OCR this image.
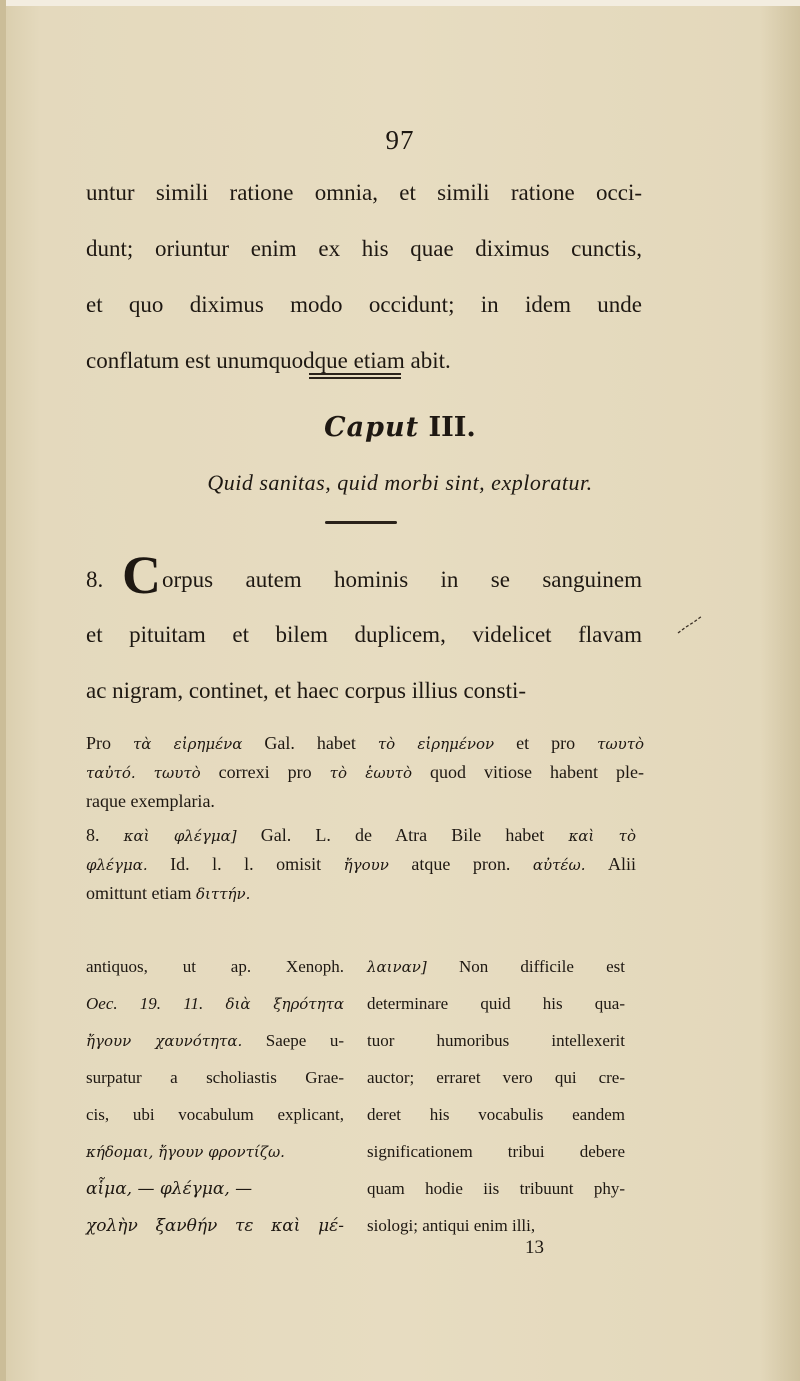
97
untur simili ratione omnia, et simili ratione occi-
dunt; oriuntur enim ex his quae diximus cunctis,
et quo diximus modo occidunt; in idem unde
conflatum est unumquodque etiam abit.
Caput III.
Quid sanitas, quid morbi sint, exploratur.
8. C orpus autem hominis in se sanguinem
et pituitam et bilem duplicem, videlicet flavam
ac nigram, continet, et haec corpus illius consti-
Pro τὰ εἰρημένα Gal. habet τὸ εἰρημένον et pro τωυτὸ
ταὐτό. τωυτὸ correxi pro τὸ ἑωυτὸ quod vitiose habent ple-
raque exemplaria.
8. καὶ φλέγμα] Gal. L. de Atra Bile habet καὶ τὸ
φλέγμα. Id. l. l. omisit ἤγουν atque pron. αὐτέω. Alii
omittunt etiam διττήν.
antiquos, ut ap. Xenoph.
Oec. 19. 11. διὰ ξηρότητα
ἤγουν χαυνότητα. Saepe u-
surpatur a scholiastis Grae-
cis, ubi vocabulum explicant,
κήδομαι, ἤγουν φροντίζω.
αἷμα, — φλέγμα, —
χολὴν ξανθήν τε καὶ μέ-
λαιναν] Non difficile est
determinare quid his qua-
tuor humoribus intellexerit
auctor; erraret vero qui cre-
deret his vocabulis eandem
significationem tribui debere
quam hodie iis tribuunt phy-
siologi; antiqui enim illi,
13
